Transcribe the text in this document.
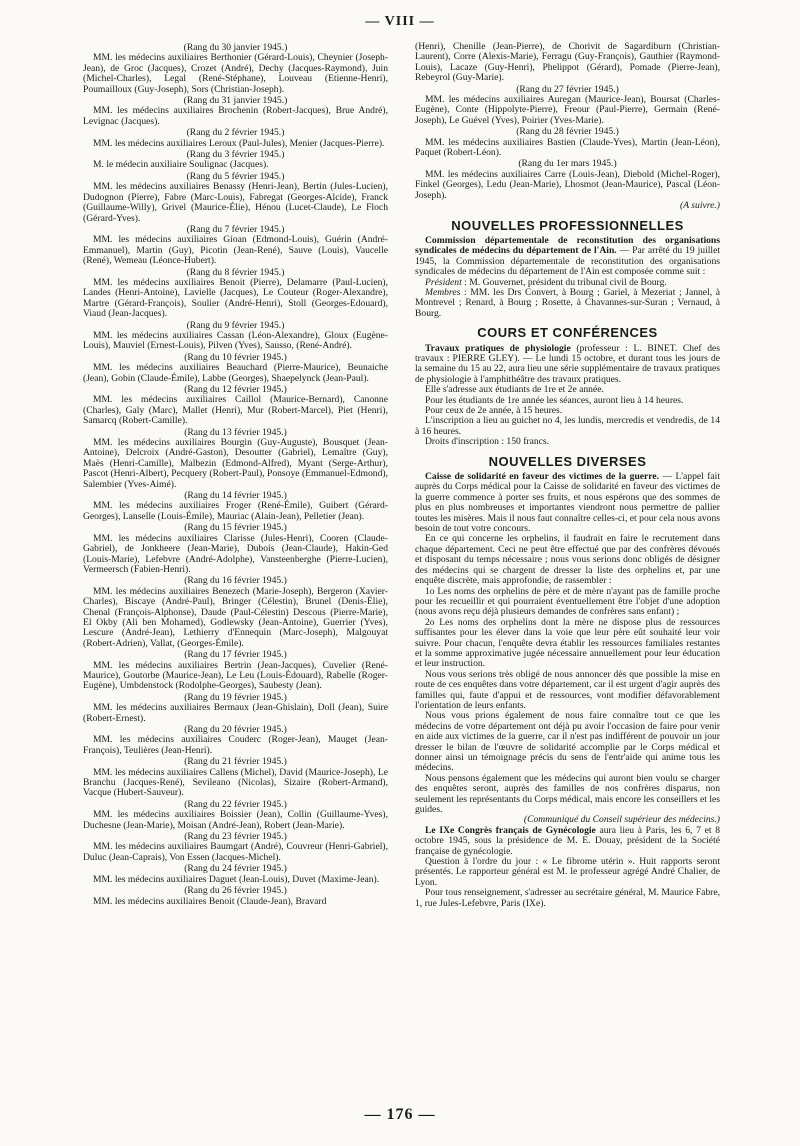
— VIII —

(Rang du 30 janvier 1945.)

MM. les médecins auxiliaires Berthonier (Gérard-Louis), Cheynier (Joseph-Jean), de Groc (Jacques), Crozet (André), Dechy (Jacques-Raymond), Juin (Michel-Charles), Legal (René-Stéphane), Louveau (Etienne-Henri), Poumailloux (Guy-Joseph), Sors (Christian-Joseph).

(Rang du 31 janvier 1945.)

MM. les médecins auxiliaires Brochenin (Robert-Jacques), Brue André), Levignac (Jacques).

(Rang du 2 février 1945.)

MM. les médecins auxiliaires Leroux (Paul-Jules), Menier (Jacques-Pierre).

(Rang du 3 février 1945.)

M. le médecin auxiliaire Soulignac (Jacques).

(Rang du 5 février 1945.)

MM. les médecins auxiliaires Benassy (Henri-Jean), Bertin (Jules-Lucien), Dudognon (Pierre), Fabre (Marc-Louis), Fabregat (Georges-Alcide), Franck (Guillaume-Willy), Grivel (Maurice-Élie), Hénou (Lucet-Claude), Le Floch (Gérard-Yves).

(Rang du 7 février 1945.)

MM. les médecins auxiliaires Gioan (Edmond-Louis), Guérin (André-Emmanuel), Martin (Guy), Picotin (Jean-René), Sauve (Louis), Vaucelle (René), Wemeau (Léonce-Hubert).

(Rang du 8 février 1945.)

MM. les médecins auxiliaires Benoit (Pierre), Delamarre (Paul-Lucien), Landes (Henri-Antoine), Lavielle (Jacques), Le Couteur (Roger-Alexandre), Martre (Gérard-François), Soulier (André-Henri), Stoll (Georges-Edouard), Viaud (Jean-Jacques).

(Rang du 9 février 1945.)

MM. les médecins auxiliaires Cassan (Léon-Alexandre), Gloux (Eugène-Louis), Mauviel (Ernest-Louis), Pilven (Yves), Sausso, (René-André).

(Rang du 10 février 1945.)

MM. les médecins auxiliaires Beauchard (Pierre-Maurice), Beunaiche (Jean), Gobin (Claude-Émile), Labbe (Georges), Shaepelynck (Jean-Paul).

(Rang du 12 février 1945.)

MM. les médecins auxiliaires Caillol (Maurice-Bernard), Canonne (Charles), Galy (Marc), Mallet (Henri), Mur (Robert-Marcel), Piet (Henri), Samarcq (Robert-Camille).

(Rang du 13 février 1945.)

MM. les médecins auxiliaires Bourgin (Guy-Auguste), Bousquet (Jean-Antoine), Delcroix (André-Gaston), Desoutter (Gabriel), Lemaître (Guy), Maës (Henri-Camille), Malbezin (Edmond-Alfred), Myant (Serge-Arthur), Pascot (Henri-Albert), Pecquery (Robert-Paul), Ponsoye (Emmanuel-Edmond), Salembier (Yves-Aimé).

(Rang du 14 février 1945.)

MM. les médecins auxiliaires Froger (René-Émile), Guibert (Gérard-Georges), Lanselle (Louis-Émile), Mauriac (Alain-Jean), Pelletier (Jean).

(Rang du 15 février 1945.)

MM. les médecins auxiliaires Clarisse (Jules-Henri), Cooren (Claude-Gabriel), de Jonkheere (Jean-Marie), Dubois (Jean-Claude), Hakin-Ged (Louis-Marie), Lefebvre (André-Adolphe), Vansteenberghe (Pierre-Lucien), Vermeersch (Fabien-Henri).

(Rang du 16 février 1945.)

MM. les médecins auxiliaires Benezech (Marie-Joseph), Bergeron (Xavier-Charles), Biscaye (André-Paul), Bringer (Célestin), Brunel (Denis-Élie), Chenal (François-Alphonse), Daude (Paul-Célestin) Descous (Pierre-Marie), El Okby (Ali ben Mohamed), Godlewsky (Jean-Antoine), Guerrier (Yves), Lescure (André-Jean), Lethierry d'Ennequin (Marc-Joseph), Malgouyat (Robert-Adrien), Vallat, (Georges-Émile).

(Rang du 17 février 1945.)

MM. les médecins auxiliaires Bertrin (Jean-Jacques), Cuvelier (René-Maurice), Goutorbe (Maurice-Jean), Le Leu (Louis-Édouard), Rabelle (Roger-Eugène), Umbdenstock (Rodolphe-Georges), Saubesty (Jean).

(Rang du 19 février 1945.)

MM. les médecins auxiliaires Bermaux (Jean-Ghislain), Doll (Jean), Suire (Robert-Ernest).

(Rang du 20 février 1945.)

MM. les médecins auxiliaires Couderc (Roger-Jean), Mauget (Jean-François), Teulières (Jean-Henri).

(Rang du 21 février 1945.)

MM. les médecins auxiliaires Callens (Michel), David (Maurice-Joseph), Le Branchu (Jacques-René), Sevileano (Nicolas), Sizaire (Robert-Armand), Vacque (Hubert-Sauveur).

(Rang du 22 février 1945.)

MM. les médecins auxiliaires Boissier (Jean), Collin (Guillaume-Yves), Duchesne (Jean-Marie), Moisan (André-Jean), Robert (Jean-Marie).

(Rang du 23 février 1945.)

MM. les médecins auxiliaires Baumgart (André), Couvreur (Henri-Gabriel), Duluc (Jean-Caprais), Von Essen (Jacques-Michel).

(Rang du 24 février 1945.)

MM. les médecins auxiliaires Daguet (Jean-Louis), Duvet (Maxime-Jean).

(Rang du 26 février 1945.)

MM. les médecins auxiliaires Benoit (Claude-Jean), Bravard

(Henri), Chenille (Jean-Pierre), de Chorivit de Sagardiburn (Christian-Laurent), Corre (Alexis-Marie), Ferragu (Guy-François), Gauthier (Raymond-Louis), Lacaze (Guy-Henri), Phelippot (Gérard), Pomade (Pierre-Jean), Rebeyrol (Guy-Marie).

(Rang du 27 février 1945.)

MM. les médecins auxiliaires Auregan (Maurice-Jean), Boursat (Charles-Eugène), Conte (Hippolyte-Pierre), Freour (Paul-Pierre), Germain (René-Joseph), Le Guével (Yves), Poirier (Yves-Marie).

(Rang du 28 février 1945.)

MM. les médecins auxiliaires Bastien (Claude-Yves), Martin (Jean-Léon), Paquet (Robert-Léon).

(Rang du 1er mars 1945.)

MM. les médecins auxiliaires Carre (Louis-Jean), Diebold (Michel-Roger), Finkel (Georges), Ledu (Jean-Marie), Lhosmot (Jean-Maurice), Pascal (Léon-Joseph).

(A suivre.)

NOUVELLES PROFESSIONNELLES

Commission départementale de reconstitution des organisations syndicales de médecins du département de l'Ain. — Par arrêté du 19 juillet 1945, la Commission départementale de reconstitution des organisations syndicales de médecins du département de l'Ain est composée comme suit :

Président : M. Gouvernet, président du tribunal civil de Bourg.

Membres : MM. les Drs Convert, à Bourg ; Gariel, à Mezeriat ; Jannel, à Montrevel ; Renard, à Bourg ; Rosette, à Chavannes-sur-Suran ; Vernaud, à Bourg.

COURS ET CONFÉRENCES

Travaux pratiques de physiologie (professeur : L. BINET. Chef des travaux : PIERRE GLEY). — Le lundi 15 octobre, et durant tous les jours de la semaine du 15 au 22, aura lieu une série supplémentaire de travaux pratiques de physiologie à l'amphithéâtre des travaux pratiques.

Elle s'adresse aux étudiants de 1re et 2e année.

Pour les étudiants de 1re année les séances, auront lieu à 14 heures.

Pour ceux de 2e année, à 15 heures.

L'inscription a lieu au guichet no 4, les lundis, mercredis et vendredis, de 14 à 16 heures.

Droits d'inscription : 150 francs.

NOUVELLES DIVERSES

Caisse de solidarité en faveur des victimes de la guerre. — L'appel fait auprès du Corps médical pour la Caisse de solidarité en faveur des victimes de la guerre commence à porter ses fruits, et nous espérons que des sommes de plus en plus nombreuses et importantes viendront nous permettre de pallier toutes les misères. Mais il nous faut connaître celles-ci, et pour cela nous avons besoin de tout votre concours.

En ce qui concerne les orphelins, il faudrait en faire le recrutement dans chaque département. Ceci ne peut être effectué que par des confrères dévoués et disposant du temps nécessaire ; nous vous serions donc obligés de désigner des médecins qui se chargent de dresser la liste des orphelins et, par une enquête discrète, mais approfondie, de rassembler :

1o Les noms des orphelins de père et de mère n'ayant pas de famille proche pour les recueillir et qui pourraient éventuellement être l'objet d'une adoption (nous avons reçu déjà plusieurs demandes de confrères sans enfant) ;

2o Les noms des orphelins dont la mère ne dispose plus de ressources suffisantes pour les élever dans la voie que leur père eût souhaité leur voir suivre. Pour chacun, l'enquête devra établir les ressources familiales restantes et la somme approximative jugée nécessaire annuellement pour leur éducation et leur instruction.

Nous vous serions très obligé de nous annoncer dès que possible la mise en route de ces enquêtes dans votre département, car il est urgent d'agir auprès des familles qui, faute d'appui et de ressources, vont modifier défavorablement l'orientation de leurs enfants.

Nous vous prions également de nous faire connaître tout ce que les médecins de votre département ont déjà pu avoir l'occasion de faire pour venir en aide aux victimes de la guerre, car il n'est pas indifférent de pouvoir un jour dresser le bilan de l'œuvre de solidarité accomplie par le Corps médical et donner ainsi un témoignage précis du sens de l'entr'aide qui anime tous les médecins.

Nous pensons également que les médecins qui auront bien voulu se charger des enquêtes seront, auprès des familles de nos confrères disparus, non seulement les représentants du Corps médical, mais encore les conseillers et les guides.

(Communiqué du Conseil supérieur des médecins.)

Le IXe Congrès français de Gynécologie aura lieu à Paris, les 6, 7 et 8 octobre 1945, sous la présidence de M. E. Douay, président de la Société française de gynécologie.

Question à l'ordre du jour : « Le fibrome utérin ». Huit rapports seront présentés. Le rapporteur général est M. le professeur agrégé André Chalier, de Lyon.

Pour tous renseignement, s'adresser au secrétaire général, M. Maurice Fabre, 1, rue Jules-Lefebvre, Paris (IXe).

— 176 —
